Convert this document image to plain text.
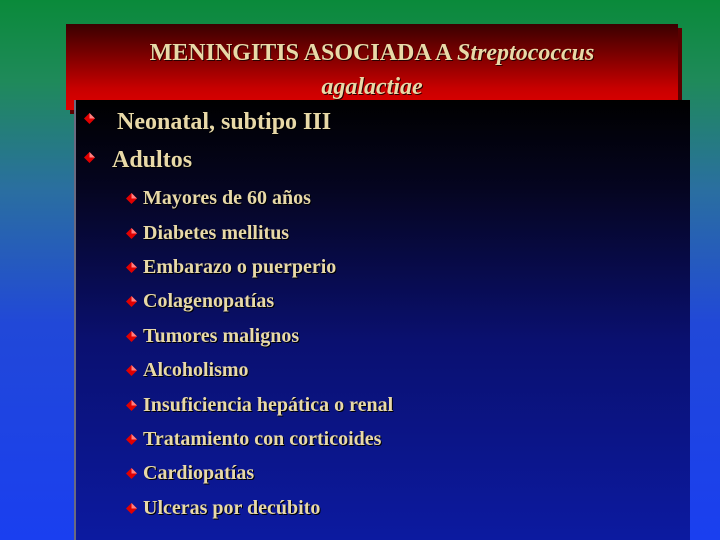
MENINGITIS ASOCIADA A Streptococcus
agalactiae
Neonatal, subtipo III
Adultos
Mayores de 60 años
Diabetes mellitus
Embarazo o puerperio
Colagenopatías
Tumores malignos
Alcoholismo
Insuficiencia hepática o renal
Tratamiento con corticoides
Cardiopatías
Ulceras por decúbito
